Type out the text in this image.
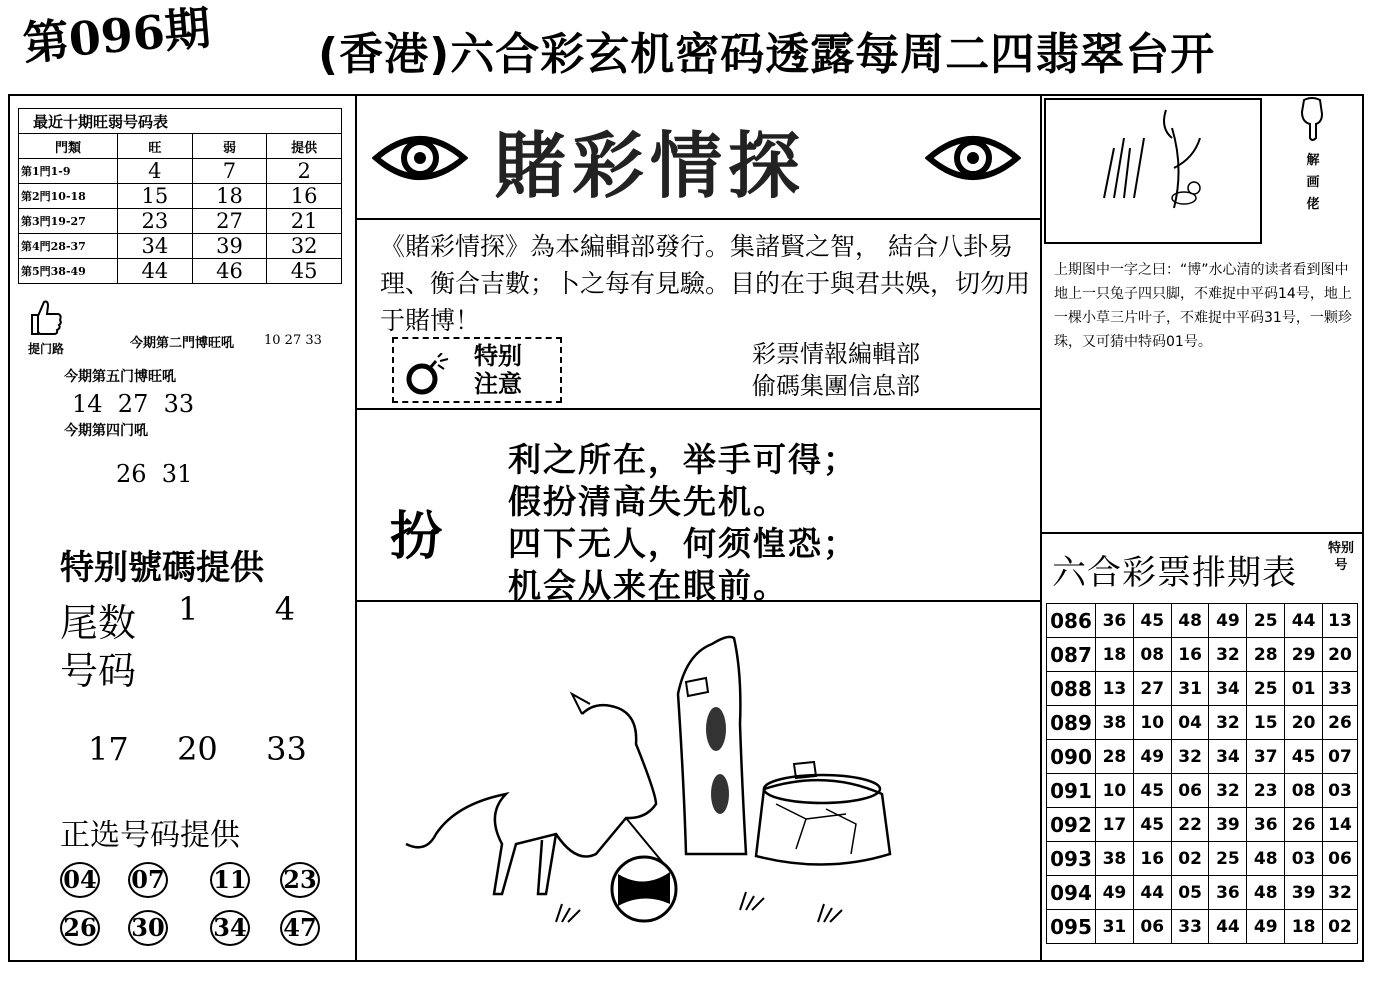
第096期 (香港)六合彩玄机密码透露每周二四翡翠台开
最近十期旺弱号码表			
門類	旺	弱	提供
第1門1-9	4	7	2
第2門10-18	15	18	16
第3門19-27	23	27	21
第4門28-37	34	39	32
第5門38-49	44	46	45
提门路	今期第二門博旺吼 10 27 33
今期第五门博旺吼
14  27  33
今期第四门吼
26  31
特别號碼提供
尾数 1  4
号码
17  20  33
正选号码提供
04 07 11 23
26 30 34 47
賭彩情探
《賭彩情探》為本編輯部發行。集諸賢之智， 結合八卦易理、衡合吉數；卜之每有見驗。目的在于與君共娛，切勿用于賭博！
特别
注意
彩票情報編輯部
偷碼集團信息部
扮
利之所在，举手可得；
假扮清高失先机。
四下无人，何须惶恐；
机会从来在眼前。
解画佬
上期图中一字之曰：“博”水心清的读者看到图中地上一只兔子四只脚，不难捉中平码14号，地上一棵小草三片叶子，不难捉中平码31号，一颗珍珠，又可猜中特码01号。
六合彩票排期表
特别号
086	36	45	48	49	25	44	13
087	18	08	16	32	28	29	20
088	13	27	31	34	25	01	33
089	38	10	04	32	15	20	26
090	28	49	32	34	37	45	07
091	10	45	06	32	23	08	03
092	17	45	22	39	36	26	14
093	38	16	02	25	48	03	06
094	49	44	05	36	48	39	32
095	31	06	33	44	49	18	02
